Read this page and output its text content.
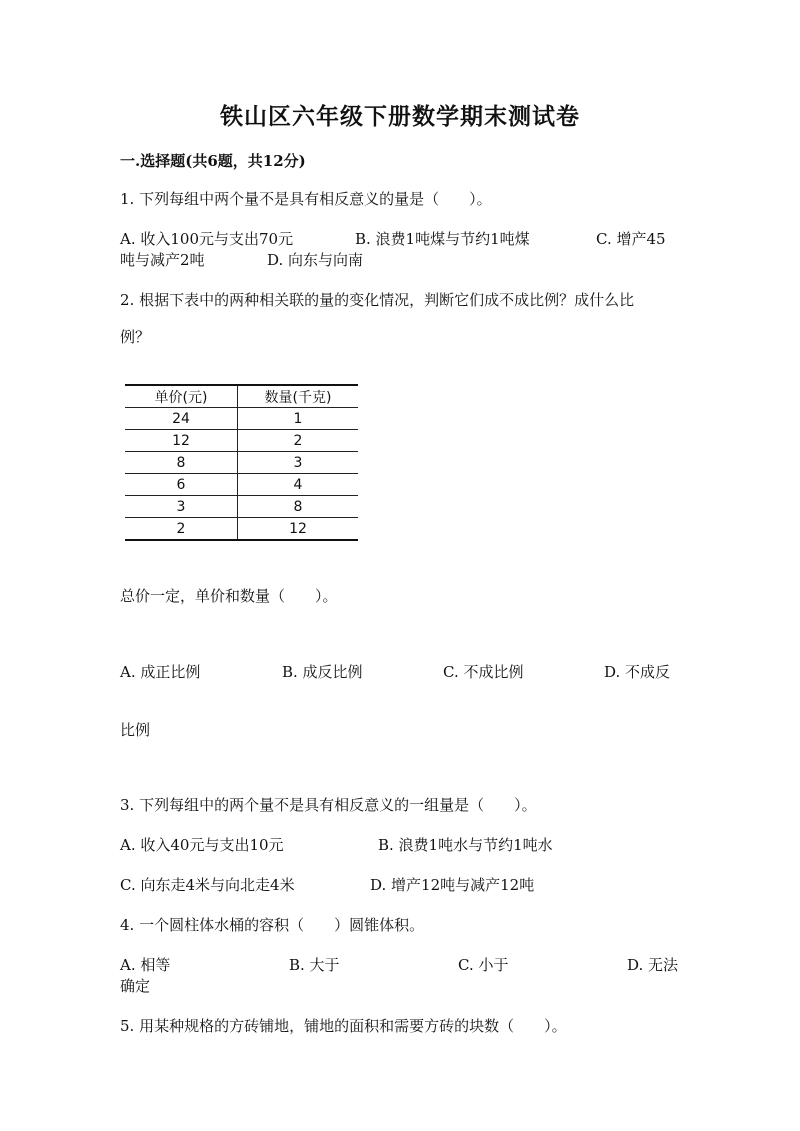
铁山区六年级下册数学期末测试卷
一.选择题(共6题，共12分)
1. 下列每组中两个量不是具有相反意义的量是（　　）。
A. 收入100元与支出70元	B. 浪费1吨煤与节约1吨煤	C. 增产45
吨与减产2吨	D. 向东与向南
2. 根据下表中的两种相关联的量的变化情况，判断它们成不成比例？成什么比
例？
单价(元)	数量(千克)
24	1
12	2
8	3
6	4
3	8
2	12
总价一定，单价和数量（　　）。
A. 成正比例	B. 成反比例	C. 不成比例	D. 不成反
比例
3. 下列每组中的两个量不是具有相反意义的一组量是（　　）。
A. 收入40元与支出10元	B. 浪费1吨水与节约1吨水
C. 向东走4米与向北走4米	D. 增产12吨与减产12吨
4. 一个圆柱体水桶的容积（　　）圆锥体积。
A. 相等	B. 大于	C. 小于	D. 无法
确定
5. 用某种规格的方砖铺地，铺地的面积和需要方砖的块数（　　）。
